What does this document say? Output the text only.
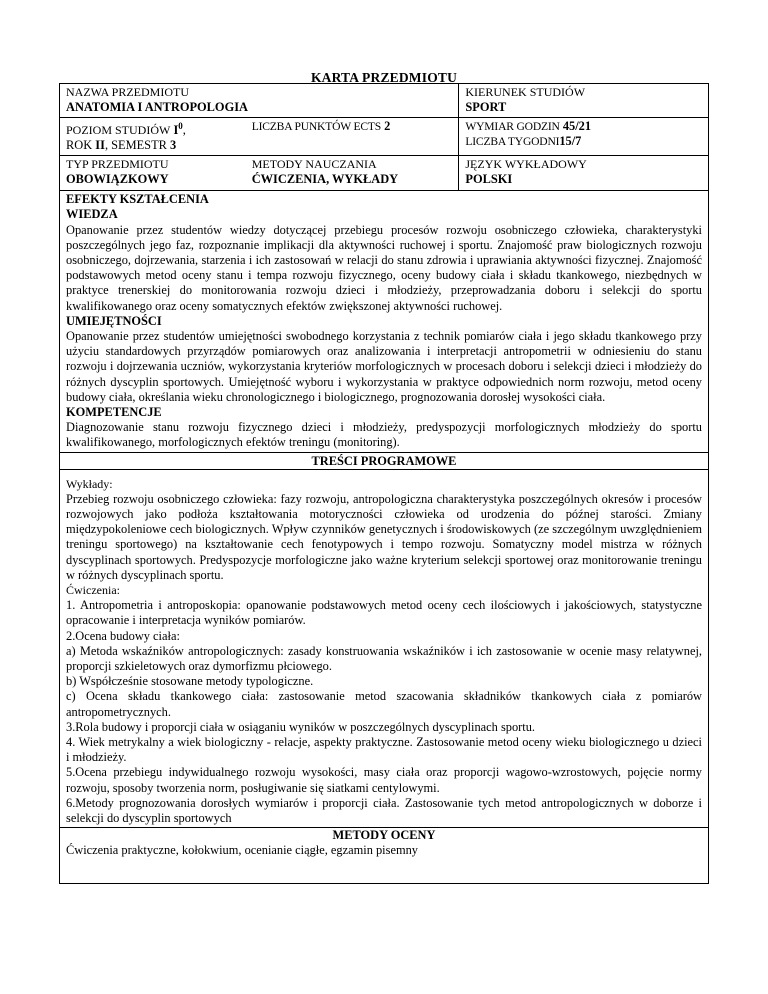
KARTA PRZEDMIOTU
NAZWA PRZEDMIOTU
ANATOMIA I ANTROPOLOGIA
KIERUNEK STUDIÓW
SPORT
POZIOM STUDIÓW $I^0$,
ROK II, SEMESTR 3
LICZBA PUNKTÓW ECTS 2	WYMIAR GODZIN 45/21
LICZBA TYGODNI15/7
TYP PRZEDMIOTU
OBOWIĄZKOWY
METODY NAUCZANIA
ĆWICZENIA, WYKŁADY
JĘZYK WYKŁADOWY
POLSKI
EFEKTY KSZTAŁCENIA
WIEDZA

Opanowanie przez studentów wiedzy dotyczącej przebiegu procesów rozwoju osobniczego człowieka, charakterystyki poszczególnych jego faz, rozpoznanie implikacji dla aktywności ruchowej i sportu. Znajomość praw biologicznych rozwoju osobniczego, dojrzewania, starzenia i ich zastosowań w relacji do stanu zdrowia i uprawiania aktywności fizycznej. Znajomość podstawowych metod oceny stanu i tempa rozwoju fizycznego, oceny budowy ciała i składu tkankowego, niezbędnych w praktyce trenerskiej do monitorowania rozwoju dzieci i młodzieży, przeprowadzania doboru i selekcji do sportu kwalifikowanego oraz oceny somatycznych efektów zwiększonej aktywności ruchowej.

UMIEJĘTNOŚCI

Opanowanie przez studentów umiejętności swobodnego korzystania z technik pomiarów ciała i jego składu tkankowego przy użyciu standardowych przyrządów pomiarowych oraz analizowania i interpretacji antropometrii w odniesieniu do stanu rozwoju i dojrzewania uczniów, wykorzystania kryteriów morfologicznych w procesach doboru i selekcji dzieci i młodzieży do różnych dyscyplin sportowych. Umiejętność wyboru i wykorzystania w praktyce odpowiednich norm rozwoju, metod oceny budowy ciała, określania wieku chronologicznego i biologicznego, prognozowania dorosłej wysokości ciała.

KOMPETENCJE

Diagnozowanie stanu rozwoju fizycznego dzieci i młodzieży, predyspozycji morfologicznych młodzieży do sportu kwalifikowanego, morfologicznych efektów treningu (monitoring).

TREŚCI PROGRAMOWE
Wykłady:

Przebieg rozwoju osobniczego człowieka: fazy rozwoju, antropologiczna charakterystyka poszczególnych okresów i procesów rozwojowych jako podłoża kształtowania motoryczności człowieka od urodzenia do późnej starości. Zmiany międzypokoleniowe cech biologicznych. Wpływ czynników genetycznych i środowiskowych (ze szczególnym uwzględnieniem treningu sportowego) na kształtowanie cech fenotypowych i tempo rozwoju. Somatyczny model mistrza w różnych dyscyplinach sportowych. Predyspozycje morfologiczne jako ważne kryterium selekcji sportowej oraz monitorowanie treningu w różnych dyscyplinach sportu.

Ćwiczenia:

1. Antropometria i antroposkopia: opanowanie podstawowych metod oceny cech ilościowych i jakościowych, statystyczne opracowanie i interpretacja wyników pomiarów.

2.Ocena budowy ciała:

a) Metoda wskaźników antropologicznych: zasady konstruowania wskaźników i ich zastosowanie w ocenie masy relatywnej, proporcji szkieletowych oraz dymorfizmu płciowego.

b) Współcześnie stosowane metody typologiczne.

c) Ocena składu tkankowego ciała: zastosowanie metod szacowania składników tkankowych ciała z pomiarów antropometrycznych.

3.Rola budowy i proporcji ciała w osiąganiu wyników w poszczególnych dyscyplinach sportu.

4. Wiek metrykalny a wiek biologiczny - relacje, aspekty praktyczne. Zastosowanie metod oceny wieku biologicznego u dzieci i młodzieży.

5.Ocena przebiegu indywidualnego rozwoju wysokości, masy ciała oraz proporcji wagowo-wzrostowych, pojęcie normy rozwoju, sposoby tworzenia norm, posługiwanie się siatkami centylowymi.

6.Metody prognozowania dorosłych wymiarów i proporcji ciała. Zastosowanie tych metod antropologicznych w doborze i selekcji do dyscyplin sportowych

METODY OCENY
Ćwiczenia praktyczne, kołokwium, ocenianie ciągłe, egzamin pisemny
